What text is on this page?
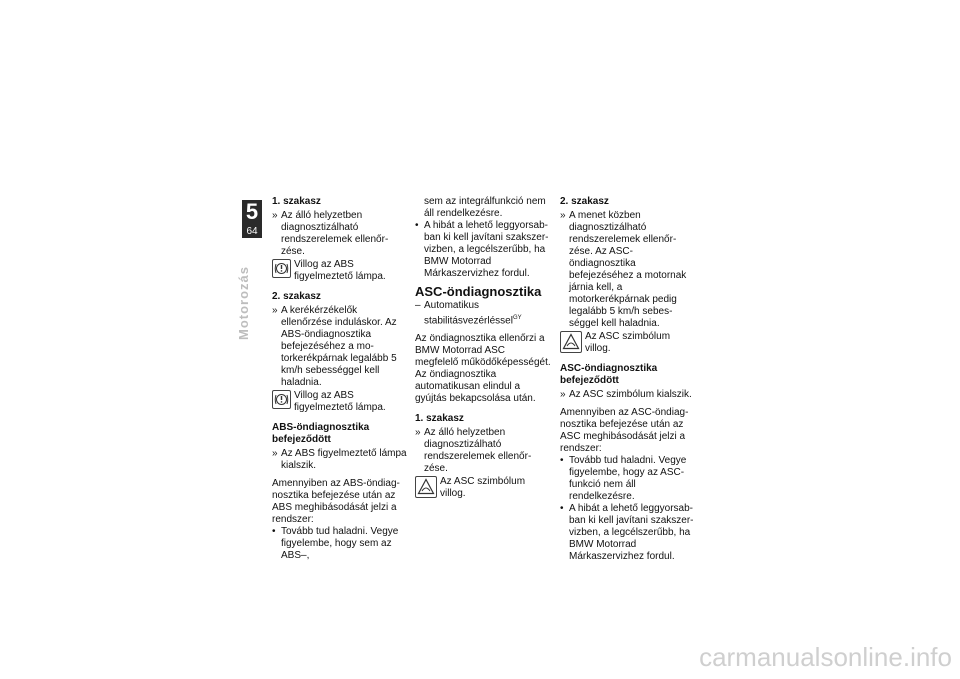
5
64
Motorozás

1. szakasz

» Az álló helyzetben diagnosztizálható rendszerelemek ellenőrzése.

Villog az ABS figyelmeztető lámpa.

2. szakasz

» A kerékérzékelők ellenőrzése induláskor. Az ABS-öndiagnosztika befejezéséhez a motorkerékpárnak legalább 5 km/h sebességgel kell haladnia.

Villog az ABS figyelmeztető lámpa.

ABS-öndiagnosztika befejeződött

» Az ABS figyelmeztető lámpa kialszik.

Amennyiben az ABS-öndiagnosztika befejezése után az ABS meghibásodását jelzi a rendszer:

• Tovább tud haladni. Vegye figyelembe, hogy sem az ABS–,

sem az integrálfunkció nem áll rendelkezésre.

• A hibát a lehető leggyorsabban ki kell javítani szakszervizben, a legcélszerűbb, ha BMW Motorrad Márkaszervizhez fordul.

ASC-öndiagnosztika

– Automatikus stabilitásvezérléssel$^{GY}$

Az öndiagnosztika ellenőrzi a BMW Motorrad ASC megfelelő működőképességét. Az öndiagnosztika automatikusan elindul a gyújtás bekapcsolása után.

1. szakasz

» Az álló helyzetben diagnosztizálható rendszerelemek ellenőrzése.

Az ASC szimbólum villog.

2. szakasz

» A menet közben diagnosztizálható rendszerelemek ellenőrzése. Az ASC-öndiagnosztika befejezéséhez a motornak járnia kell, a motorkerékpárnak pedig legalább 5 km/h sebességgel kell haladnia.

Az ASC szimbólum villog.

ASC-öndiagnosztika befejeződött

» Az ASC szimbólum kialszik.

Amennyiben az ASC-öndiagnosztika befejezése után az ASC meghibásodását jelzi a rendszer:

• Tovább tud haladni. Vegye figyelembe, hogy az ASC-funkció nem áll rendelkezésre.

• A hibát a lehető leggyorsabban ki kell javítani szakszervizben, a legcélszerűbb, ha BMW Motorrad Márkaszervizhez fordul.

carmanualsonline.info
